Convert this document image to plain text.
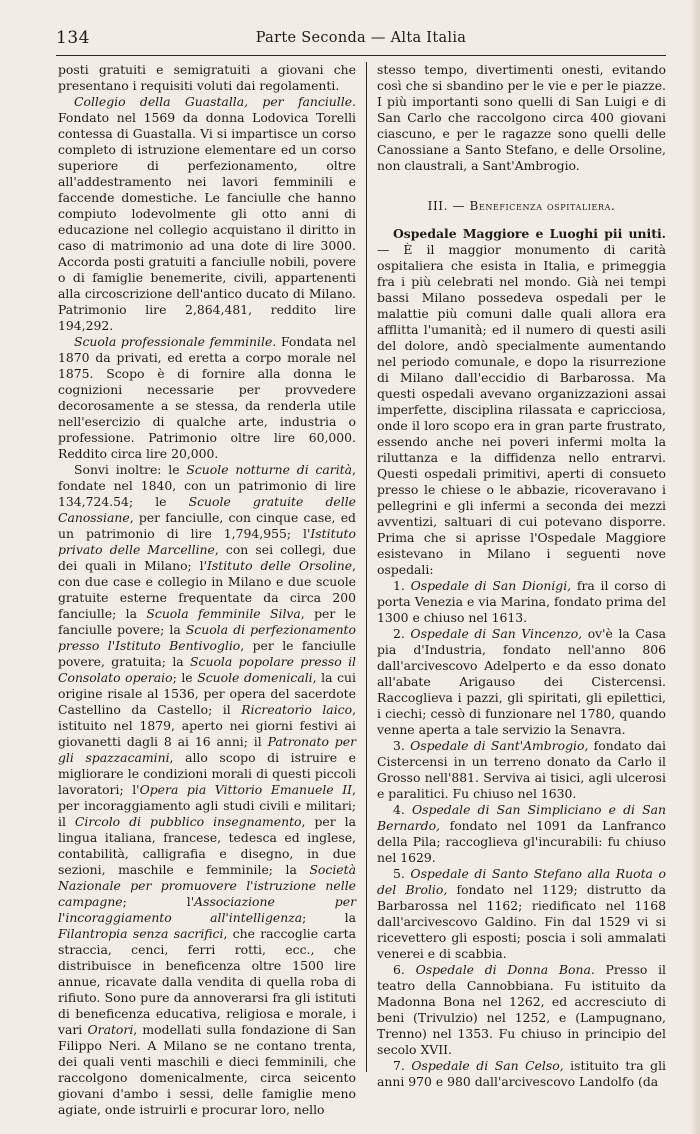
134	Parte Seconda — Alta Italia

posti gratuiti e semigratuiti a giovani che presentano i requisiti voluti dai regolamenti.

Collegio della Guastalla, per fanciulle. Fondato nel 1569 da donna Lodovica Torelli contessa di Guastalla. Vi si impartisce un corso completo di istruzione elementare ed un corso superiore di perfezionamento, oltre all'addestramento nei lavori femminili e faccende domestiche. Le fanciulle che hanno compiuto lodevolmente gli otto anni di educazione nel collegio acquistano il diritto in caso di matrimonio ad una dote di lire 3000. Accorda posti gratuiti a fanciulle nobili, povere o di famiglie benemerite, civili, appartenenti alla circoscrizione dell'antico ducato di Milano. Patrimonio lire 2,864,481, reddito lire 194,292.

Scuola professionale femminile. Fondata nel 1870 da privati, ed eretta a corpo morale nel 1875. Scopo è di fornire alla donna le cognizioni necessarie per provvedere decorosamente a se stessa, da renderla utile nell'esercizio di qualche arte, industria o professione. Patrimonio oltre lire 60,000. Reddito circa lire 20,000.

Sonvi inoltre: le Scuole notturne di carità, fondate nel 1840, con un patrimonio di lire 134,724.54; le Scuole gratuite delle Canossiane, per fanciulle, con cinque case, ed un patrimonio di lire 1,794,955; l'Istituto privato delle Marcelline, con sei collegi, due dei quali in Milano; l'Istituto delle Orsoline, con due case e collegio in Milano e due scuole gratuite esterne frequentate da circa 200 fanciulle; la Scuola femminile Silva, per le fanciulle povere; la Scuola di perfezionamento presso l'Istituto Bentivoglio, per le fanciulle povere, gratuita; la Scuola popolare presso il Consolato operaio; le Scuole domenicali, la cui origine risale al 1536, per opera del sacerdote Castellino da Castello; il Ricreatorio laico, istituito nel 1879, aperto nei giorni festivi ai giovanetti dagli 8 ai 16 anni; il Patronato per gli spazzacamini, allo scopo di istruire e migliorare le condizioni morali di questi piccoli lavoratori; l'Opera pia Vittorio Emanuele II, per incoraggiamento agli studi civili e militari; il Circolo di pubblico insegnamento, per la lingua italiana, francese, tedesca ed inglese, contabilità, calligrafia e disegno, in due sezioni, maschile e femminile; la Società Nazionale per promuovere l'istruzione nelle campagne; l'Associazione per l'incoraggiamento all'intelligenza; la Filantropia senza sacrifici, che raccoglie carta straccia, cenci, ferri rotti, ecc., che distribuisce in beneficenza oltre 1500 lire annue, ricavate dalla vendita di quella roba di rifiuto. Sono pure da annoverarsi fra gli istituti di beneficenza educativa, religiosa e morale, i vari Oratori, modellati sulla fondazione di San Filippo Neri. A Milano se ne contano trenta, dei quali venti maschili e dieci femminili, che raccolgono domenicalmente, circa seicento giovani d'ambo i sessi, delle famiglie meno agiate, onde istruirli e procurar loro, nello

stesso tempo, divertimenti onesti, evitando così che si sbandino per le vie e per le piazze. I più importanti sono quelli di San Luigi e di San Carlo che raccolgono circa 400 giovani ciascuno, e per le ragazze sono quelli delle Canossiane a Santo Stefano, e delle Orsoline, non claustrali, a Sant'Ambrogio.

III. — Beneficenza ospitaliera.

Ospedale Maggiore e Luoghi pii uniti. — È il maggior monumento di carità ospitaliera che esista in Italia, e primeggia fra i più celebrati nel mondo. Già nei tempi bassi Milano possedeva ospedali per le malattie più comuni dalle quali allora era afflitta l'umanità; ed il numero di questi asili del dolore, andò specialmente aumentando nel periodo comunale, e dopo la risurrezione di Milano dall'eccidio di Barbarossa. Ma questi ospedali avevano organizzazioni assai imperfette, disciplina rilassata e capricciosa, onde il loro scopo era in gran parte frustrato, essendo anche nei poveri infermi molta la riluttanza e la diffidenza nello entrarvi. Questi ospedali primitivi, aperti di consueto presso le chiese o le abbazie, ricoveravano i pellegrini e gli infermi a seconda dei mezzi avventizi, saltuari di cui potevano disporre. Prima che si aprisse l'Ospedale Maggiore esistevano in Milano i seguenti nove ospedali:

1. Ospedale di San Dionigi, fra il corso di porta Venezia e via Marina, fondato prima del 1300 e chiuso nel 1613.

2. Ospedale di San Vincenzo, ov'è la Casa pia d'Industria, fondato nell'anno 806 dall'arcivescovo Adelperto e da esso donato all'abate Arigauso dei Cistercensi. Raccoglieva i pazzi, gli spiritati, gli epilettici, i ciechi; cessò di funzionare nel 1780, quando venne aperta a tale servizio la Senavra.

3. Ospedale di Sant'Ambrogio, fondato dai Cistercensi in un terreno donato da Carlo il Grosso nell'881. Serviva ai tisici, agli ulcerosi e paralitici. Fu chiuso nel 1630.

4. Ospedale di San Simpliciano e di San Bernardo, fondato nel 1091 da Lanfranco della Pila; raccoglieva gl'incurabili: fu chiuso nel 1629.

5. Ospedale di Santo Stefano alla Ruota o del Brolio, fondato nel 1129; distrutto da Barbarossa nel 1162; riedificato nel 1168 dall'arcivescovo Galdino. Fin dal 1529 vi si ricevettero gli esposti; poscia i soli ammalati venerei e di scabbia.

6. Ospedale di Donna Bona. Presso il teatro della Cannobbiana. Fu istituito da Madonna Bona nel 1262, ed accresciuto di beni (Trivulzio) nel 1252, e (Lampugnano, Trenno) nel 1353. Fu chiuso in principio del secolo XVII.

7. Ospedale di San Celso, istituito tra gli anni 970 e 980 dall'arcivescovo Landolfo (da
